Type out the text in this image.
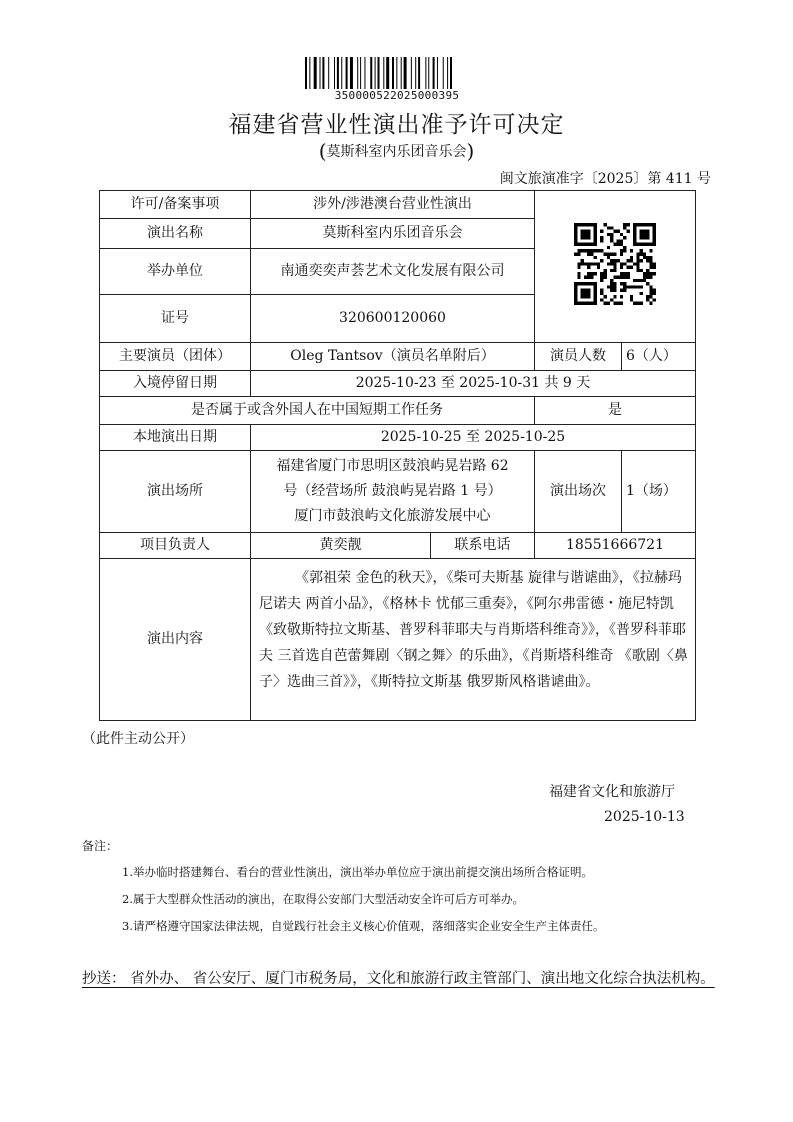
350000522025000395
福建省营业性演出准予许可决定
(莫斯科室内乐团音乐会)
闽文旅演准字〔2025〕第 411 号
许可/备案事项	涉外/涉港澳台营业性演出	
演出名称	莫斯科室内乐团音乐会			
举办单位	南通奕奕声荟艺术文化发展有限公司			
证号	320600120060			
主要演员（团体）	Oleg Tantsov（演员名单附后）		演员人数	6（人）
入境停留日期	2025-10-23 至 2025-10-31 共 9 天			
是否属于或含外国人在中国短期工作任务			是	
本地演出日期	2025-10-25 至 2025-10-25			
演出场所	福建省厦门市思明区鼓浪屿晃岩路 62
号（经营场所 鼓浪屿晃岩路 1 号）
厦门市鼓浪屿文化旅游发展中心		演出场次	1（场）
项目负责人	黄奕靓	联系电话	18551666721	
演出内容	《郭祖荣 金色的秋天》，《柴可夫斯基 旋律与谐谑曲》，《拉赫玛尼诺夫 两首小品》，《格林卡 忧郁三重奏》，《阿尔弗雷德・施尼特凯《致敬斯特拉文斯基、普罗科菲耶夫与肖斯塔科维奇》》，《普罗科菲耶夫 三首选自芭蕾舞剧〈钢之舞〉的乐曲》，《肖斯塔科维奇 《歌剧〈鼻子〉选曲三首》》，《斯特拉文斯基 俄罗斯风格谐谑曲》。			
（此件主动公开）
福建省文化和旅游厅
2025-10-13
备注：
1.举办临时搭建舞台、看台的营业性演出，演出举办单位应于演出前提交演出场所合格证明。
2.属于大型群众性活动的演出，在取得公安部门大型活动安全许可后方可举办。
3.请严格遵守国家法律法规，自觉践行社会主义核心价值观，落细落实企业安全生产主体责任。
抄送： 省外办、 省公安厅、厦门市税务局，文化和旅游行政主管部门、演出地文化综合执法机构。
